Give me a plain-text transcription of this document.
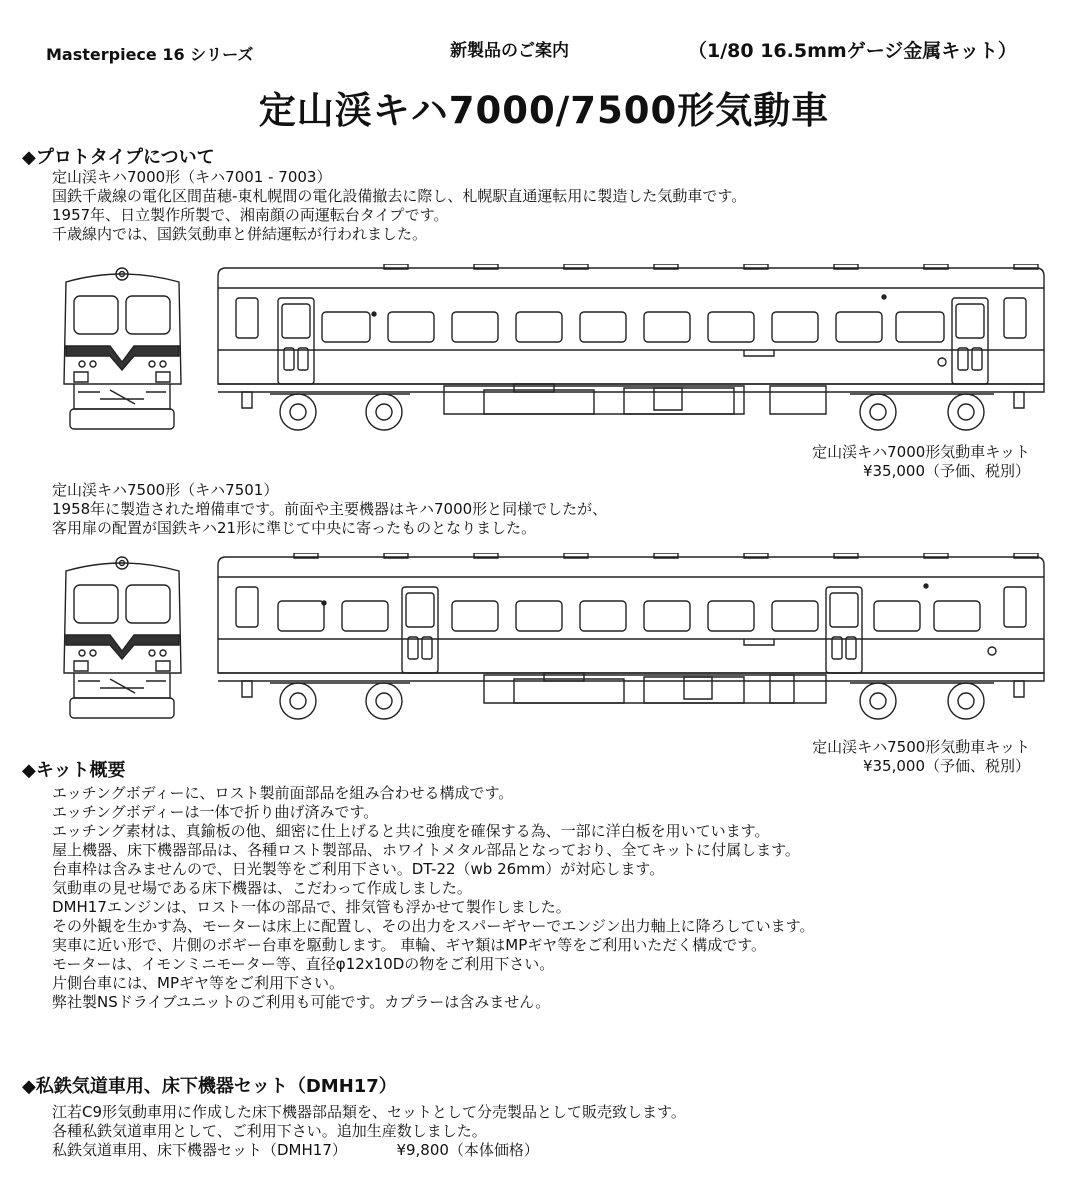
Masterpiece 16 シリーズ	新製品のご案内	（1/80 16.5mmゲージ金属キット）
定山渓キハ7000/7500形気動車
◆プロトタイプについて
定山渓キハ7000形（キハ7001 - 7003）
国鉄千歳線の電化区間苗穂-東札幌間の電化設備撤去に際し、札幌駅直通運転用に製造した気動車です。
1957年、日立製作所製で、湘南顔の両運転台タイプです。
千歳線内では、国鉄気動車と併結運転が行われました。
定山渓キハ7000形気動車キット
¥35,000（予価、税別）
定山渓キハ7500形（キハ7501）
1958年に製造された増備車です。前面や主要機器はキハ7000形と同様でしたが、
客用扉の配置が国鉄キハ21形に準じて中央に寄ったものとなりました。
定山渓キハ7500形気動車キット
¥35,000（予価、税別）
◆キット概要
エッチングボディーに、ロスト製前面部品を組み合わせる構成です。
エッチングボディーは一体で折り曲げ済みです。
エッチング素材は、真鍮板の他、細密に仕上げると共に強度を確保する為、一部に洋白板を用いています。
屋上機器、床下機器部品は、各種ロスト製部品、ホワイトメタル部品となっており、全てキットに付属します。
台車枠は含みませんので、日光製等をご利用下さい。DT-22（wb 26mm）が対応します。
気動車の見せ場である床下機器は、こだわって作成しました。
DMH17エンジンは、ロスト一体の部品で、排気管も浮かせて製作しました。
その外観を生かす為、モーターは床上に配置し、その出力をスパーギヤーでエンジン出力軸上に降ろしています。
実車に近い形で、片側のボギー台車を駆動します。 車輪、ギヤ類はMPギヤ等をご利用いただく構成です。
モーターは、イモンミニモーター等、直径φ12x10Dの物をご利用下さい。
片側台車には、MPギヤ等をご利用下さい。
弊社製NSドライブユニットのご利用も可能です。カプラーは含みません。
◆私鉄気道車用、床下機器セット（DMH17）
江若C9形気動車用に作成した床下機器部品類を、セットとして分売製品として販売致します。
各種私鉄気道車用として、ご利用下さい。追加生産数しました。
私鉄気道車用、床下機器セット（DMH17）	¥9,800（本体価格）
